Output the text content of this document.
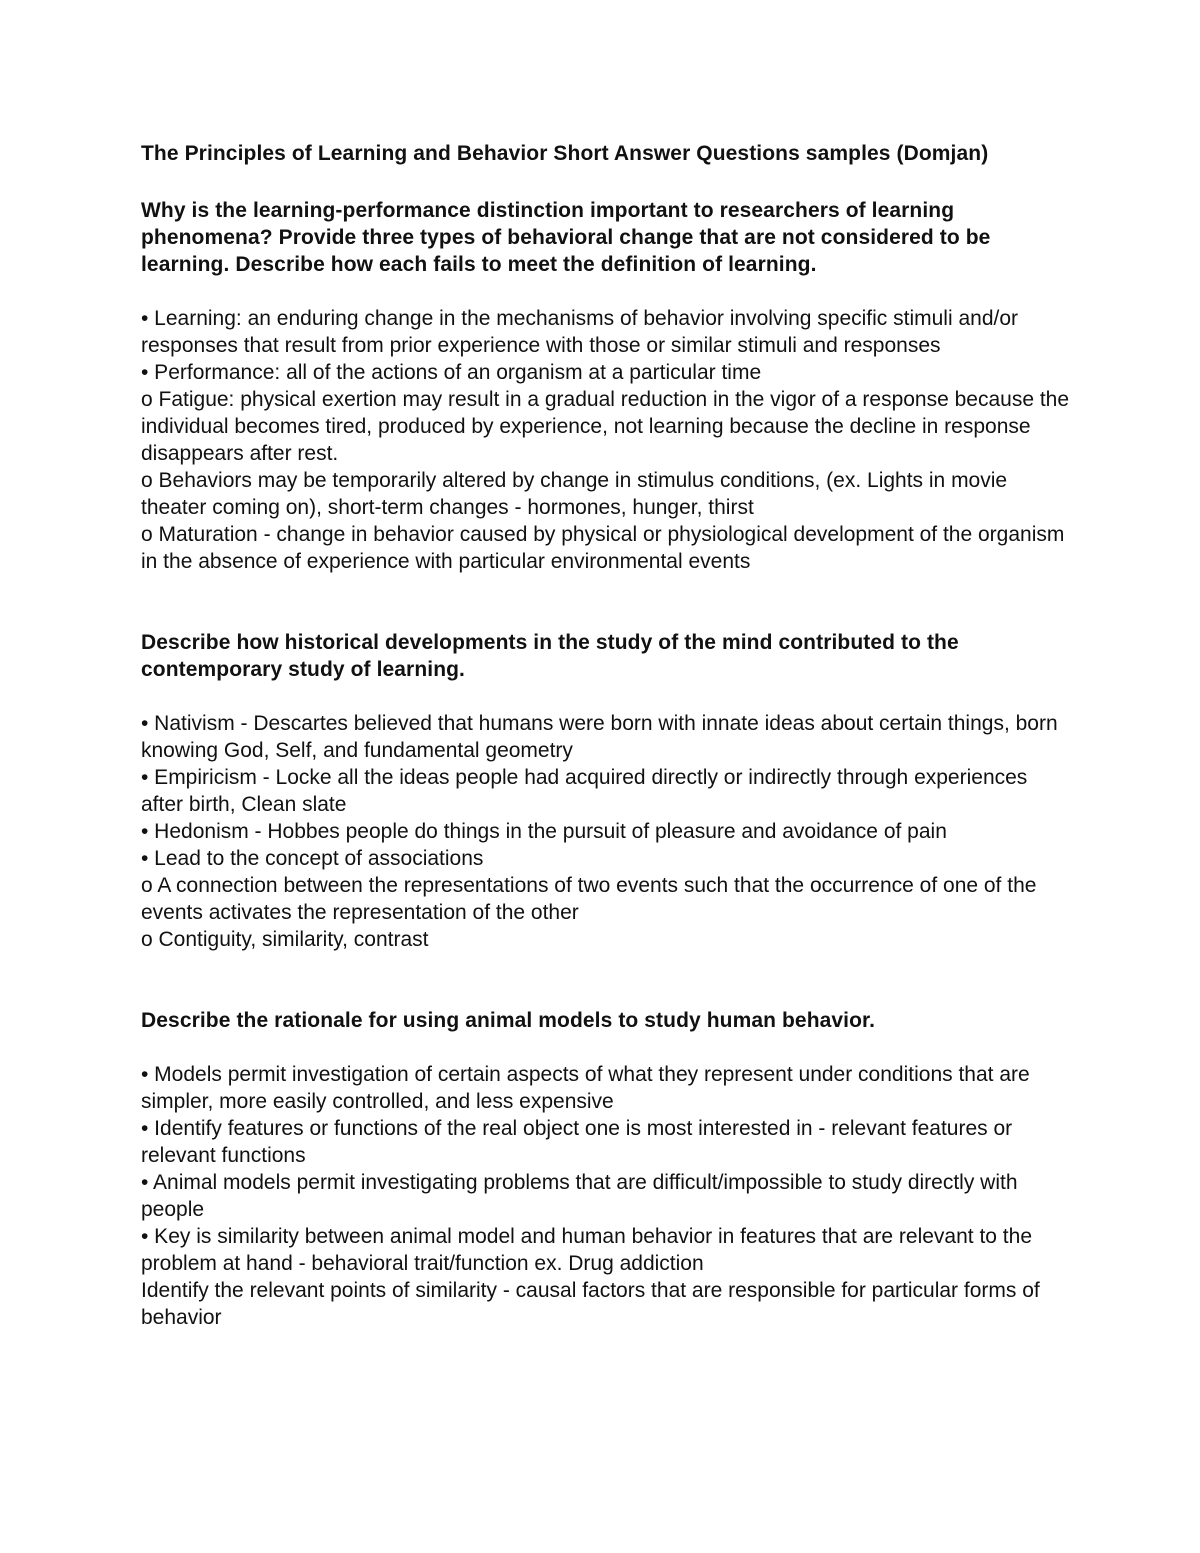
The Principles of Learning and Behavior Short Answer Questions samples (Domjan)
Why is the learning-performance distinction important to researchers of learning phenomena? Provide three types of behavioral change that are not considered to be learning. Describe how each fails to meet the definition of learning.
• Learning: an enduring change in the mechanisms of behavior involving specific stimuli and/or responses that result from prior experience with those or similar stimuli and responses
• Performance: all of the actions of an organism at a particular time
o Fatigue: physical exertion may result in a gradual reduction in the vigor of a response because the individual becomes tired, produced by experience, not learning because the decline in response disappears after rest.
o Behaviors may be temporarily altered by change in stimulus conditions, (ex. Lights in movie theater coming on), short-term changes - hormones, hunger, thirst
o Maturation - change in behavior caused by physical or physiological development of the organism in the absence of experience with particular environmental events
Describe how historical developments in the study of the mind contributed to the contemporary study of learning.
• Nativism - Descartes believed that humans were born with innate ideas about certain things, born knowing God, Self, and fundamental geometry
• Empiricism - Locke all the ideas people had acquired directly or indirectly through experiences after birth, Clean slate
• Hedonism - Hobbes people do things in the pursuit of pleasure and avoidance of pain
• Lead to the concept of associations
o A connection between the representations of two events such that the occurrence of one of the events activates the representation of the other
o Contiguity, similarity, contrast
Describe the rationale for using animal models to study human behavior.
• Models permit investigation of certain aspects of what they represent under conditions that are simpler, more easily controlled, and less expensive
• Identify features or functions of the real object one is most interested in - relevant features or relevant functions
• Animal models permit investigating problems that are difficult/impossible to study directly with people
• Key is similarity between animal model and human behavior in features that are relevant to the problem at hand - behavioral trait/function ex. Drug addiction
Identify the relevant points of similarity - causal factors that are responsible for particular forms of behavior
